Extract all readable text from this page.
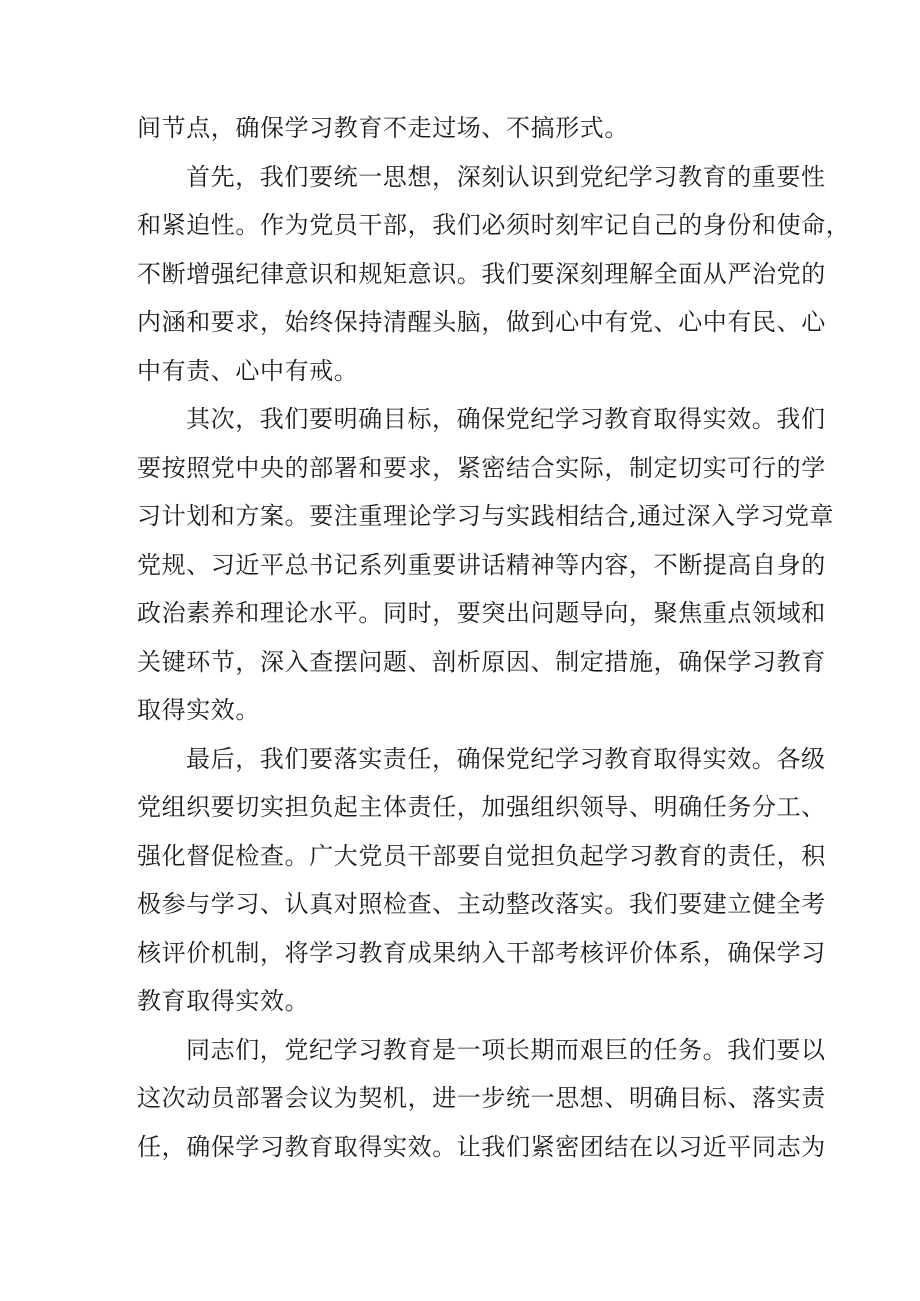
间节点，确保学习教育不走过场、不搞形式。
首先，我们要统一思想，深刻认识到党纪学习教育的重要性
和紧迫性。作为党员干部，我们必须时刻牢记自己的身份和使命，
不断增强纪律意识和规矩意识。我们要深刻理解全面从严治党的
内涵和要求，始终保持清醒头脑，做到心中有党、心中有民、心
中有责、心中有戒。
其次，我们要明确目标，确保党纪学习教育取得实效。我们
要按照党中央的部署和要求，紧密结合实际，制定切实可行的学
习计划和方案。要注重理论学习与实践相结合,通过深入学习党章
党规、习近平总书记系列重要讲话精神等内容，不断提高自身的
政治素养和理论水平。同时，要突出问题导向，聚焦重点领域和
关键环节，深入查摆问题、剖析原因、制定措施，确保学习教育
取得实效。
最后，我们要落实责任，确保党纪学习教育取得实效。各级
党组织要切实担负起主体责任，加强组织领导、明确任务分工、
强化督促检查。广大党员干部要自觉担负起学习教育的责任，积
极参与学习、认真对照检查、主动整改落实。我们要建立健全考
核评价机制，将学习教育成果纳入干部考核评价体系，确保学习
教育取得实效。
同志们，党纪学习教育是一项长期而艰巨的任务。我们要以
这次动员部署会议为契机，进一步统一思想、明确目标、落实责
任，确保学习教育取得实效。让我们紧密团结在以习近平同志为
